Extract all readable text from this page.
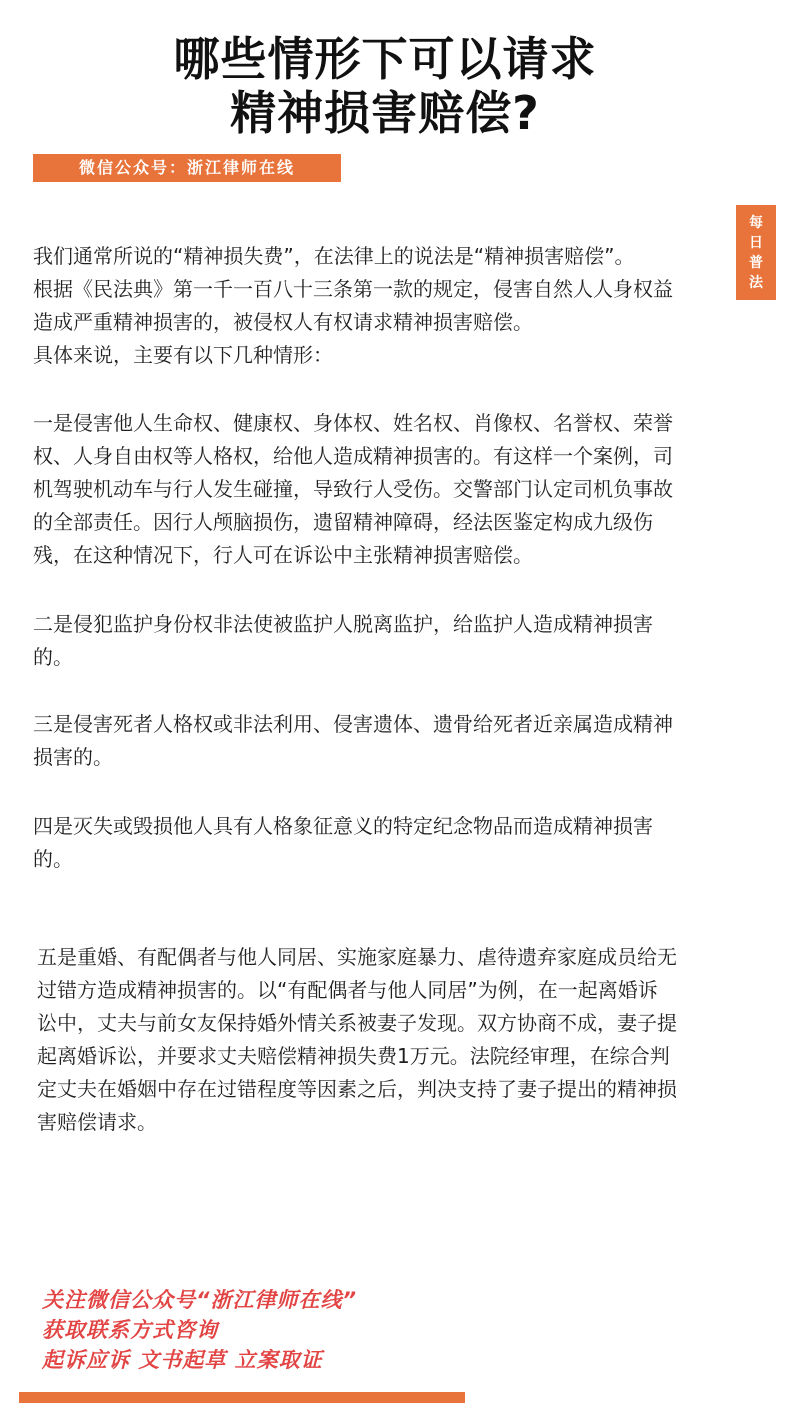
哪些情形下可以请求
精神损害赔偿?
微信公众号：浙江律师在线
每
日
普
法

我们通常所说的“精神损失费”，在法律上的说法是“精神损害赔偿”。
根据《民法典》第一千一百八十三条第一款的规定，侵害自然人人身权益
造成严重精神损害的，被侵权人有权请求精神损害赔偿。
具体来说，主要有以下几种情形：

一是侵害他人生命权、健康权、身体权、姓名权、肖像权、名誉权、荣誉
权、人身自由权等人格权，给他人造成精神损害的。有这样一个案例，司
机驾驶机动车与行人发生碰撞，导致行人受伤。交警部门认定司机负事故
的全部责任。因行人颅脑损伤，遗留精神障碍，经法医鉴定构成九级伤
残，在这种情况下，行人可在诉讼中主张精神损害赔偿。

二是侵犯监护身份权非法使被监护人脱离监护，给监护人造成精神损害
的。

三是侵害死者人格权或非法利用、侵害遗体、遗骨给死者近亲属造成精神
损害的。

四是灭失或毁损他人具有人格象征意义的特定纪念物品而造成精神损害
的。

五是重婚、有配偶者与他人同居、实施家庭暴力、虐待遗弃家庭成员给无
过错方造成精神损害的。以“有配偶者与他人同居”为例，在一起离婚诉
讼中，丈夫与前女友保持婚外情关系被妻子发现。双方协商不成，妻子提
起离婚诉讼，并要求丈夫赔偿精神损失费1万元。法院经审理，在综合判
定丈夫在婚姻中存在过错程度等因素之后，判决支持了妻子提出的精神损
害赔偿请求。

关注微信公众号“浙江律师在线”
获取联系方式咨询
起诉应诉 文书起草 立案取证
